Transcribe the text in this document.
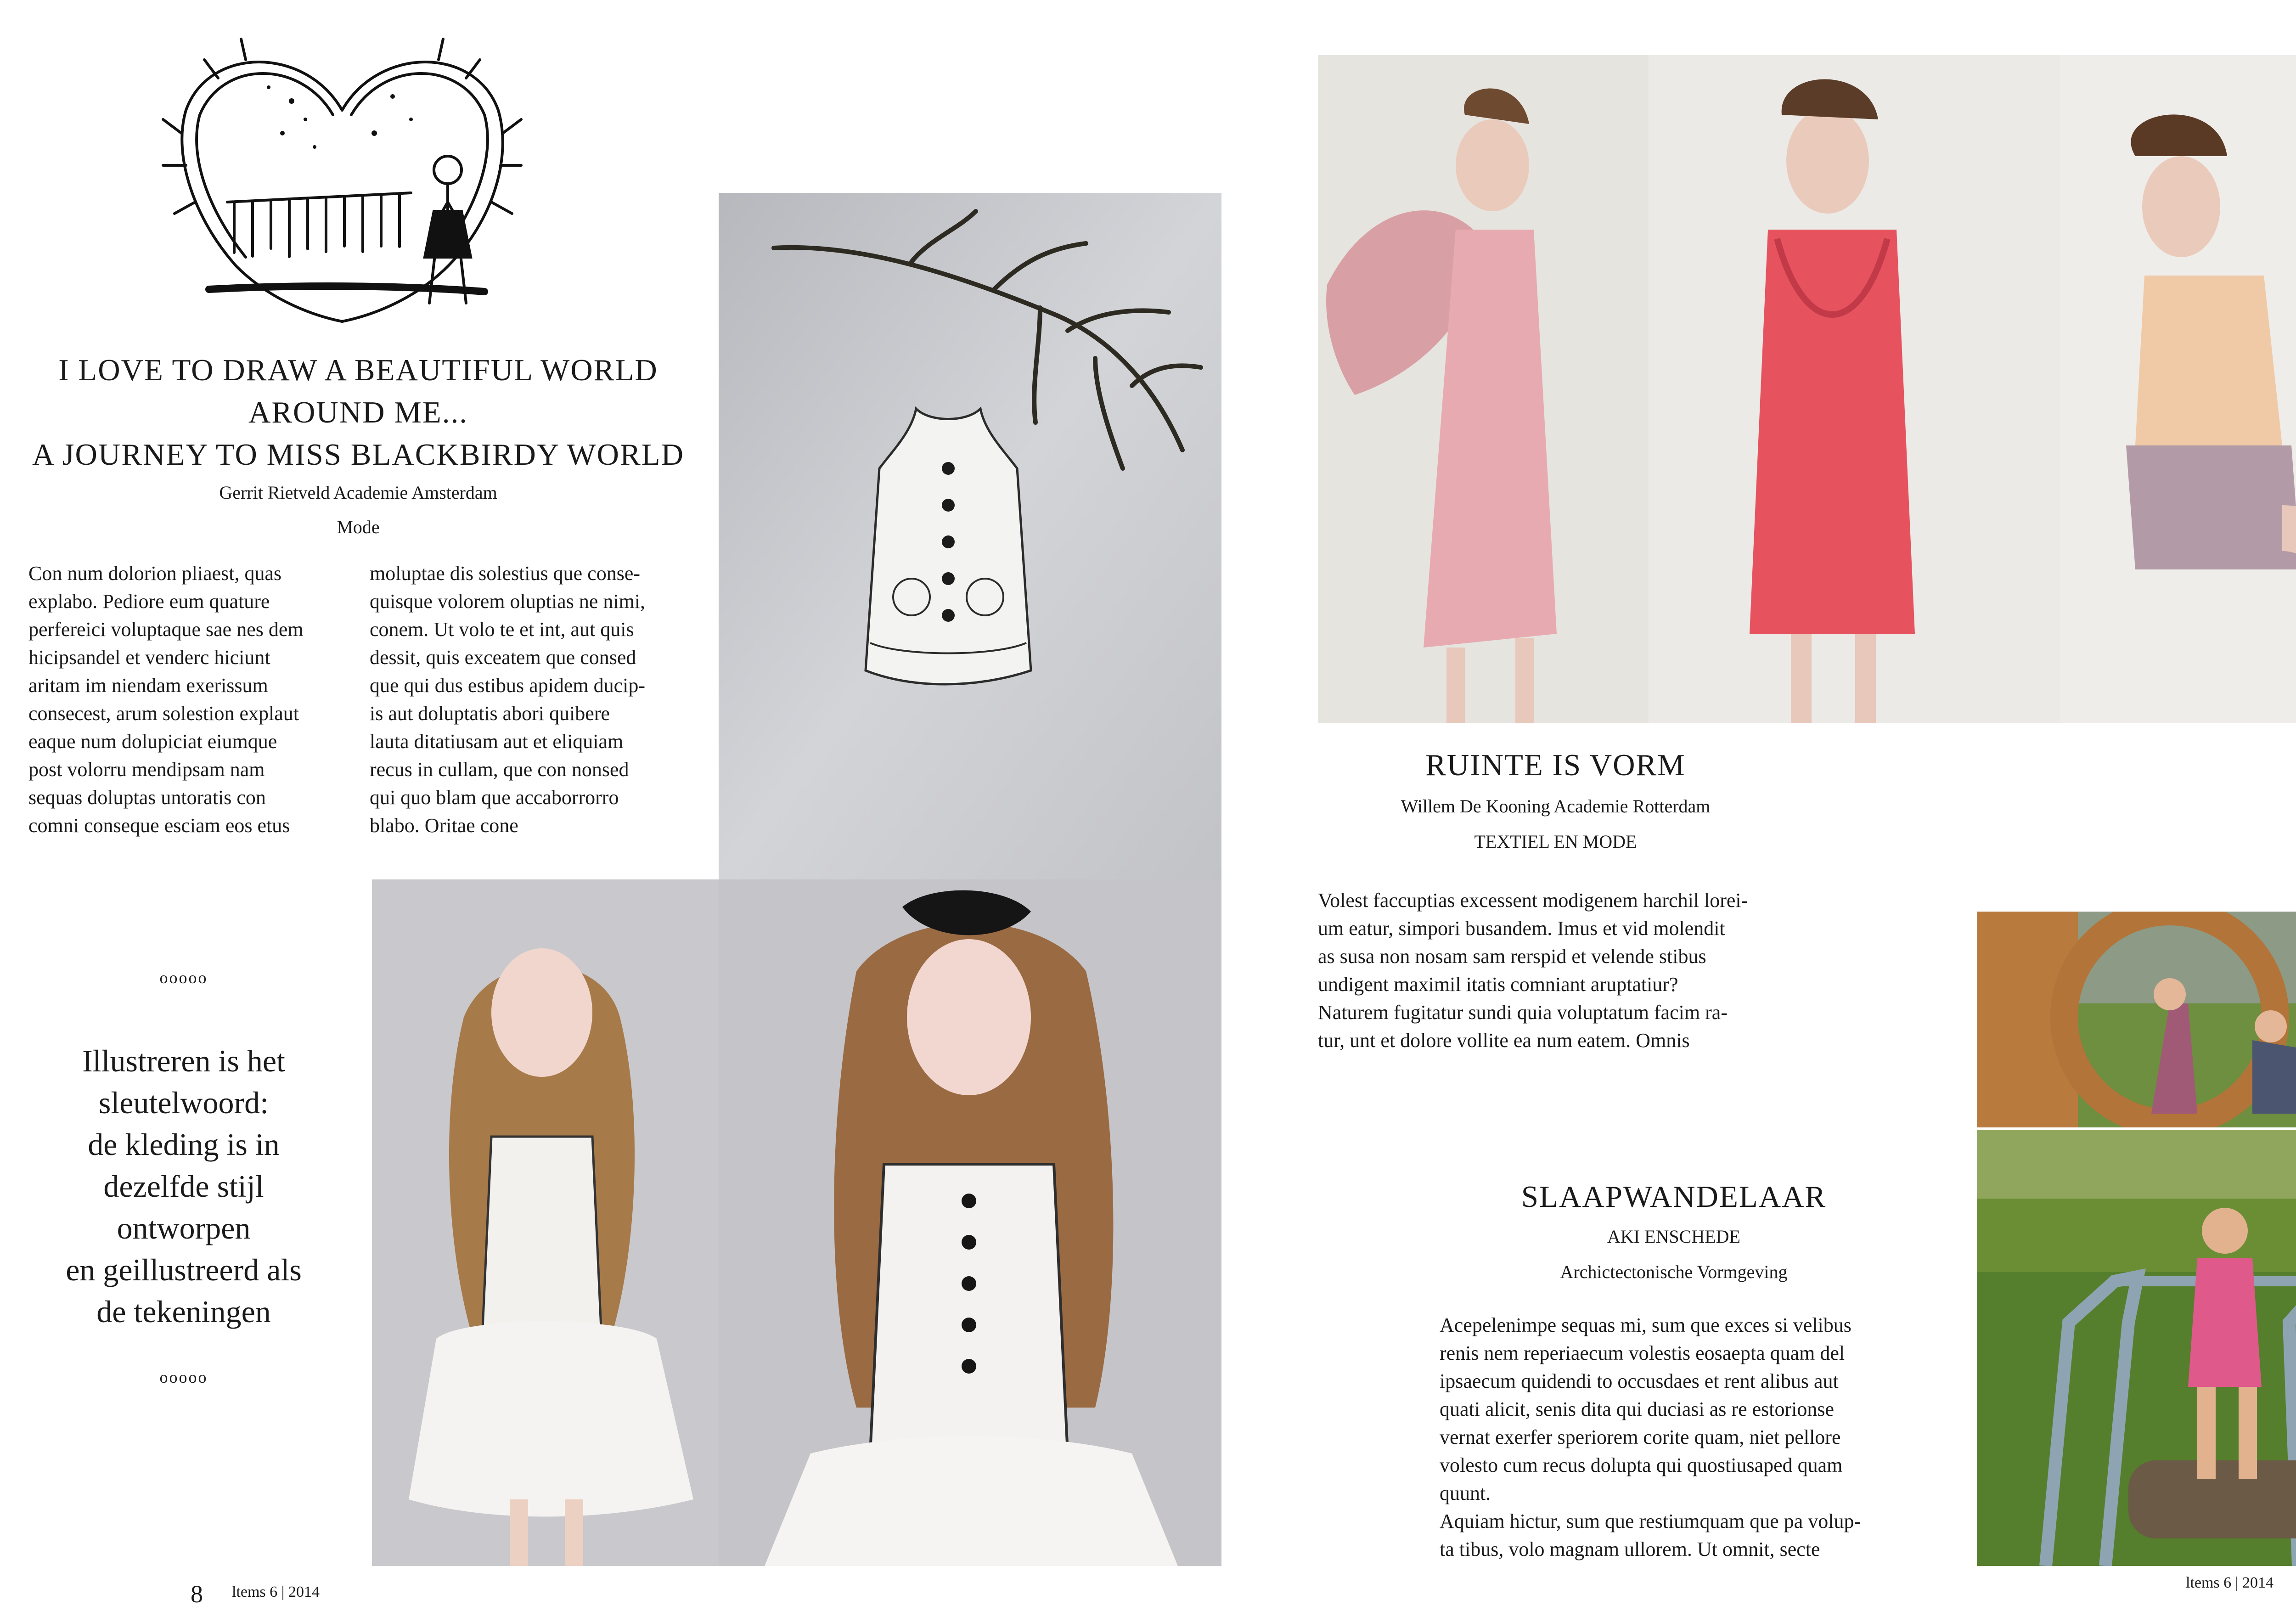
I LOVE TO DRAW A BEAUTIFUL WORLD
AROUND ME...
A JOURNEY TO MISS BLACKBIRDY WORLD
Gerrit Rietveld Academie Amsterdam
Mode

Con num dolorion pliaest, quas

explabo. Pediore eum quature

perfereici voluptaque sae nes dem

hicipsandel et venderc hiciunt

aritam im niendam exerissum

consecest, arum solestion explaut

eaque num dolupiciat eiumque

post volorru mendipsam nam

sequas doluptas untoratis con

comni conseque esciam eos etus

moluptae dis solestius que conse-

quisque volorem oluptias ne nimi,

conem. Ut volo te et int, aut quis

dessit, quis exceatem que consed

que qui dus estibus apidem ducip-

is aut doluptatis abori quibere

lauta ditatiusam aut et eliquiam

recus in cullam, que con nonsed

qui quo blam que accaborrorro

blabo. Oritae cone

ooooo
Illustreren is het
sleutelwoord:
de kleding is in
dezelfde stijl
ontworpen
en geillustreerd als
de tekeningen
ooooo
8 ltems 6 | 2014
RUINTE IS VORM
Willem De Kooning Academie Rotterdam
TEXTIEL EN MODE

Volest faccuptias excessent modigenem harchil lorei-

um eatur, simpori busandem. Imus et vid molendit

as susa non nosam sam rerspid et velende stibus

undigent maximil itatis comniant aruptatiur?

Naturem fugitatur sundi quia voluptatum facim ra-

tur, unt et dolore vollite ea num eatem. Omnis

SLAAPWANDELAAR
AKI ENSCHEDE
Archictectonische Vormgeving

Acepelenimpe sequas mi, sum que exces si velibus

renis nem reperiaecum volestis eosaepta quam del

ipsaecum quidendi to occusdaes et rent alibus aut

quati alicit, senis dita qui duciasi as re estorionse

vernat exerfer speriorem corite quam, niet pellore

volesto cum recus dolupta qui quostiusaped quam

quunt.

Aquiam hictur, sum que restiumquam que pa volup-

ta tibus, volo magnam ullorem. Ut omnit, secte

ltems 6 | 2014
